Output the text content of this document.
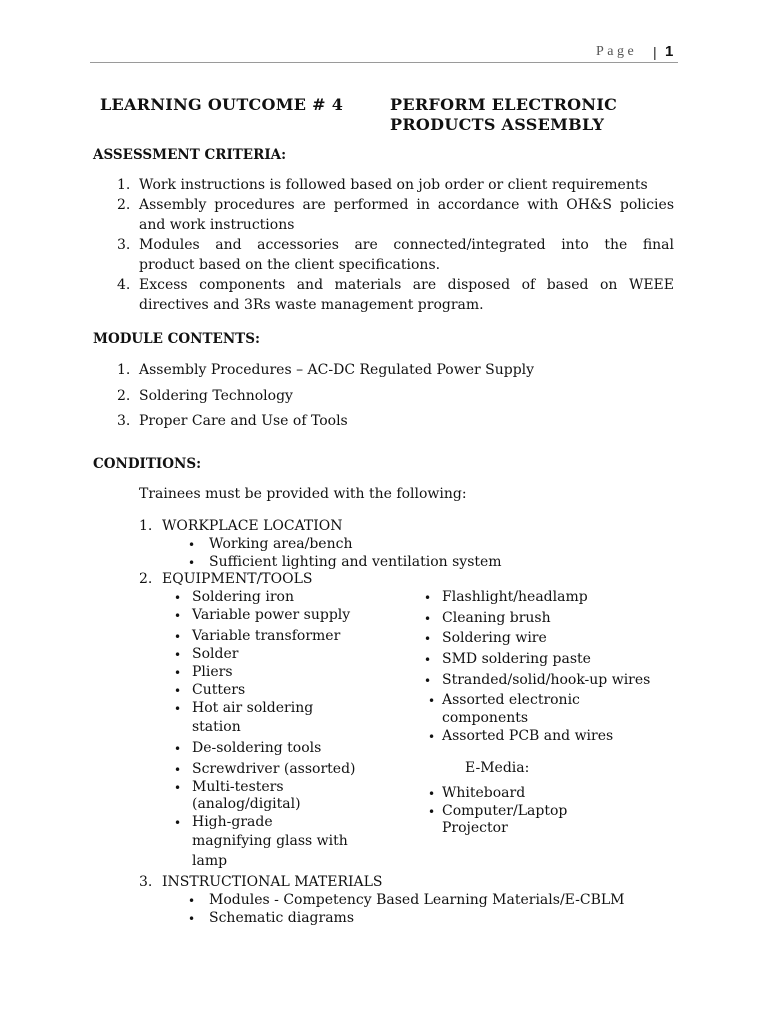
Page | 1
LEARNING OUTCOME # 4	PERFORM ELECTRONIC
PRODUCTS ASSEMBLY
ASSESSMENT CRITERIA:
1. Work instructions is followed based on job order or client requirements
2. Assembly procedures are performed in accordance with OH&S policies
and work instructions
3. Modules and accessories are connected/integrated into the final
product based on the client specifications.
4. Excess components and materials are disposed of based on WEEE
directives and 3Rs waste management program.
MODULE CONTENTS:
1. Assembly Procedures – AC-DC Regulated Power Supply
2. Soldering Technology
3. Proper Care and Use of Tools
CONDITIONS:
Trainees must be provided with the following:
1. WORKPLACE LOCATION
• Working area/bench
• Sufficient lighting and ventilation system
2. EQUIPMENT/TOOLS
• Soldering iron
• Variable power supply
• Variable transformer
• Solder
• Pliers
• Cutters
• Hot air soldering
station
• De-soldering tools
• Screwdriver (assorted)
• Multi-testers
(analog/digital)
• High-grade
magnifying glass with
lamp
• Flashlight/headlamp
• Cleaning brush
• Soldering wire
• SMD soldering paste
• Stranded/solid/hook-up wires
• Assorted electronic
components
• Assorted PCB and wires
E-Media:
• Whiteboard
• Computer/Laptop
Projector
3. INSTRUCTIONAL MATERIALS
• Modules - Competency Based Learning Materials/E-CBLM
• Schematic diagrams
